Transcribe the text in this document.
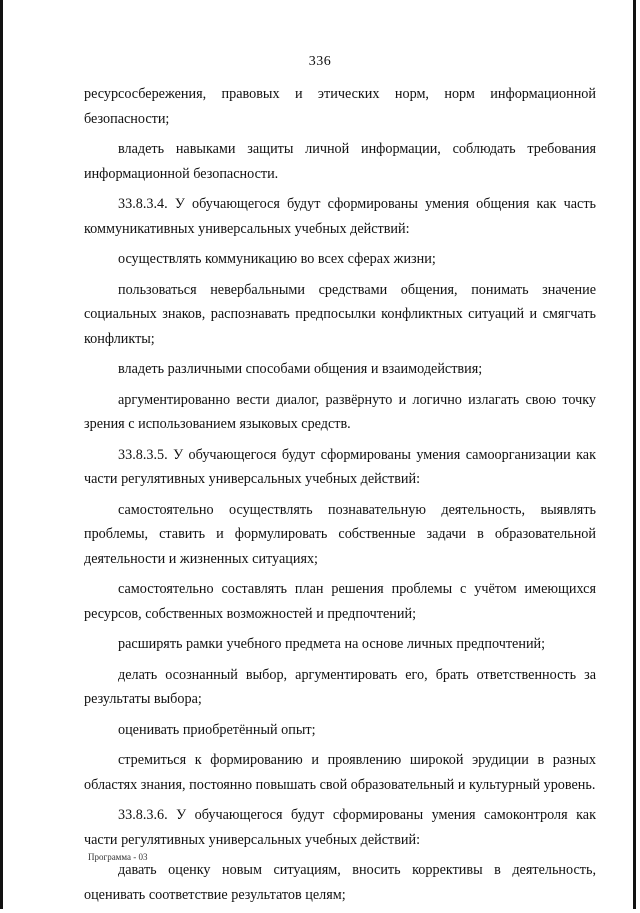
336

ресурсосбережения, правовых и этических норм, норм информационной безопасности;

владеть навыками защиты личной информации, соблюдать требования информационной безопасности.

33.8.3.4. У обучающегося будут сформированы умения общения как часть коммуникативных универсальных учебных действий:

осуществлять коммуникацию во всех сферах жизни;

пользоваться невербальными средствами общения, понимать значение социальных знаков, распознавать предпосылки конфликтных ситуаций и смягчать конфликты;

владеть различными способами общения и взаимодействия;

аргументированно вести диалог, развёрнуто и логично излагать свою точку зрения с использованием языковых средств.

33.8.3.5. У обучающегося будут сформированы умения самоорганизации как части регулятивных универсальных учебных действий:

самостоятельно осуществлять познавательную деятельность, выявлять проблемы, ставить и формулировать собственные задачи в образовательной деятельности и жизненных ситуациях;

самостоятельно составлять план решения проблемы с учётом имеющихся ресурсов, собственных возможностей и предпочтений;

расширять рамки учебного предмета на основе личных предпочтений;

делать осознанный выбор, аргументировать его, брать ответственность за результаты выбора;

оценивать приобретённый опыт;

стремиться к формированию и проявлению широкой эрудиции в разных областях знания, постоянно повышать свой образовательный и культурный уровень.

33.8.3.6. У обучающегося будут сформированы умения самоконтроля как части регулятивных универсальных учебных действий:

давать оценку новым ситуациям, вносить коррективы в деятельность, оценивать соответствие результатов целям;

Программа - 03
